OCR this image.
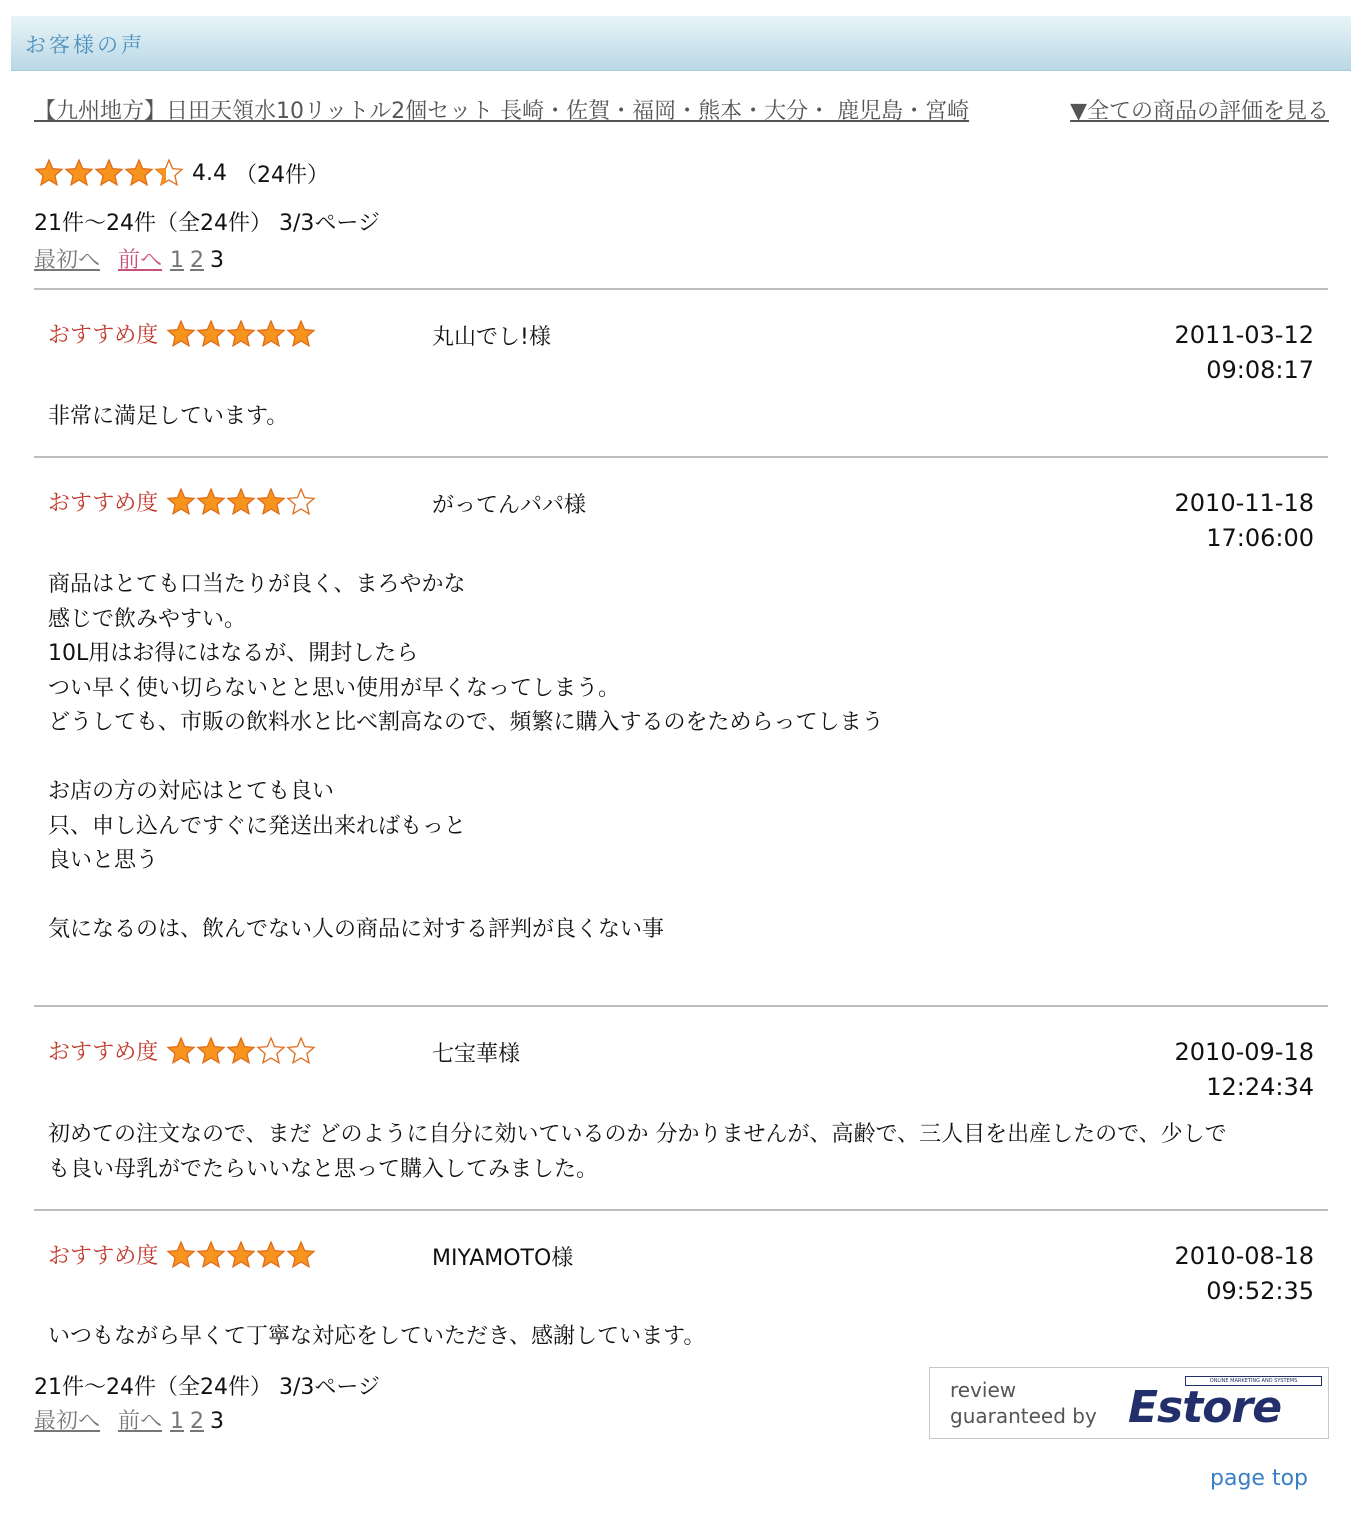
お客様の声
【九州地方】日田天領水10リットル2個セット 長崎・佐賀・福岡・熊本・大分・ 鹿児島・宮崎	▼全ての商品の評価を見る
4.4 （24件）
21件〜24件（全24件） 3/3ページ
最初へ 前へ 1 2 3
おすすめ度	丸山でし!様	2011-03-12
09:08:17
非常に満足しています。
おすすめ度	がってんパパ様	2010-11-18
17:06:00
商品はとても口当たりが良く、まろやかな
感じで飲みやすい。
10L用はお得にはなるが、開封したら
つい早く使い切らないとと思い使用が早くなってしまう。
どうしても、市販の飲料水と比べ割高なので、頻繁に購入するのをためらってしまう

お店の方の対応はとても良い
只、申し込んですぐに発送出来ればもっと
良いと思う

気になるのは、飲んでない人の商品に対する評判が良くない事
おすすめ度	七宝華様	2010-09-18
12:24:34
初めての注文なので、まだ どのように自分に効いているのか 分かりませんが、高齢で、三人目を出産したので、少しで
も良い母乳がでたらいいなと思って購入してみました。
おすすめ度	MIYAMOTO様	2010-08-18
09:52:35
いつもながら早くて丁寧な対応をしていただき、感謝しています。
21件〜24件（全24件） 3/3ページ
最初へ 前へ 1 2 3
review
guaranteed by
ONLINE MARKETING AND SYSTEMS
Estore
page top
